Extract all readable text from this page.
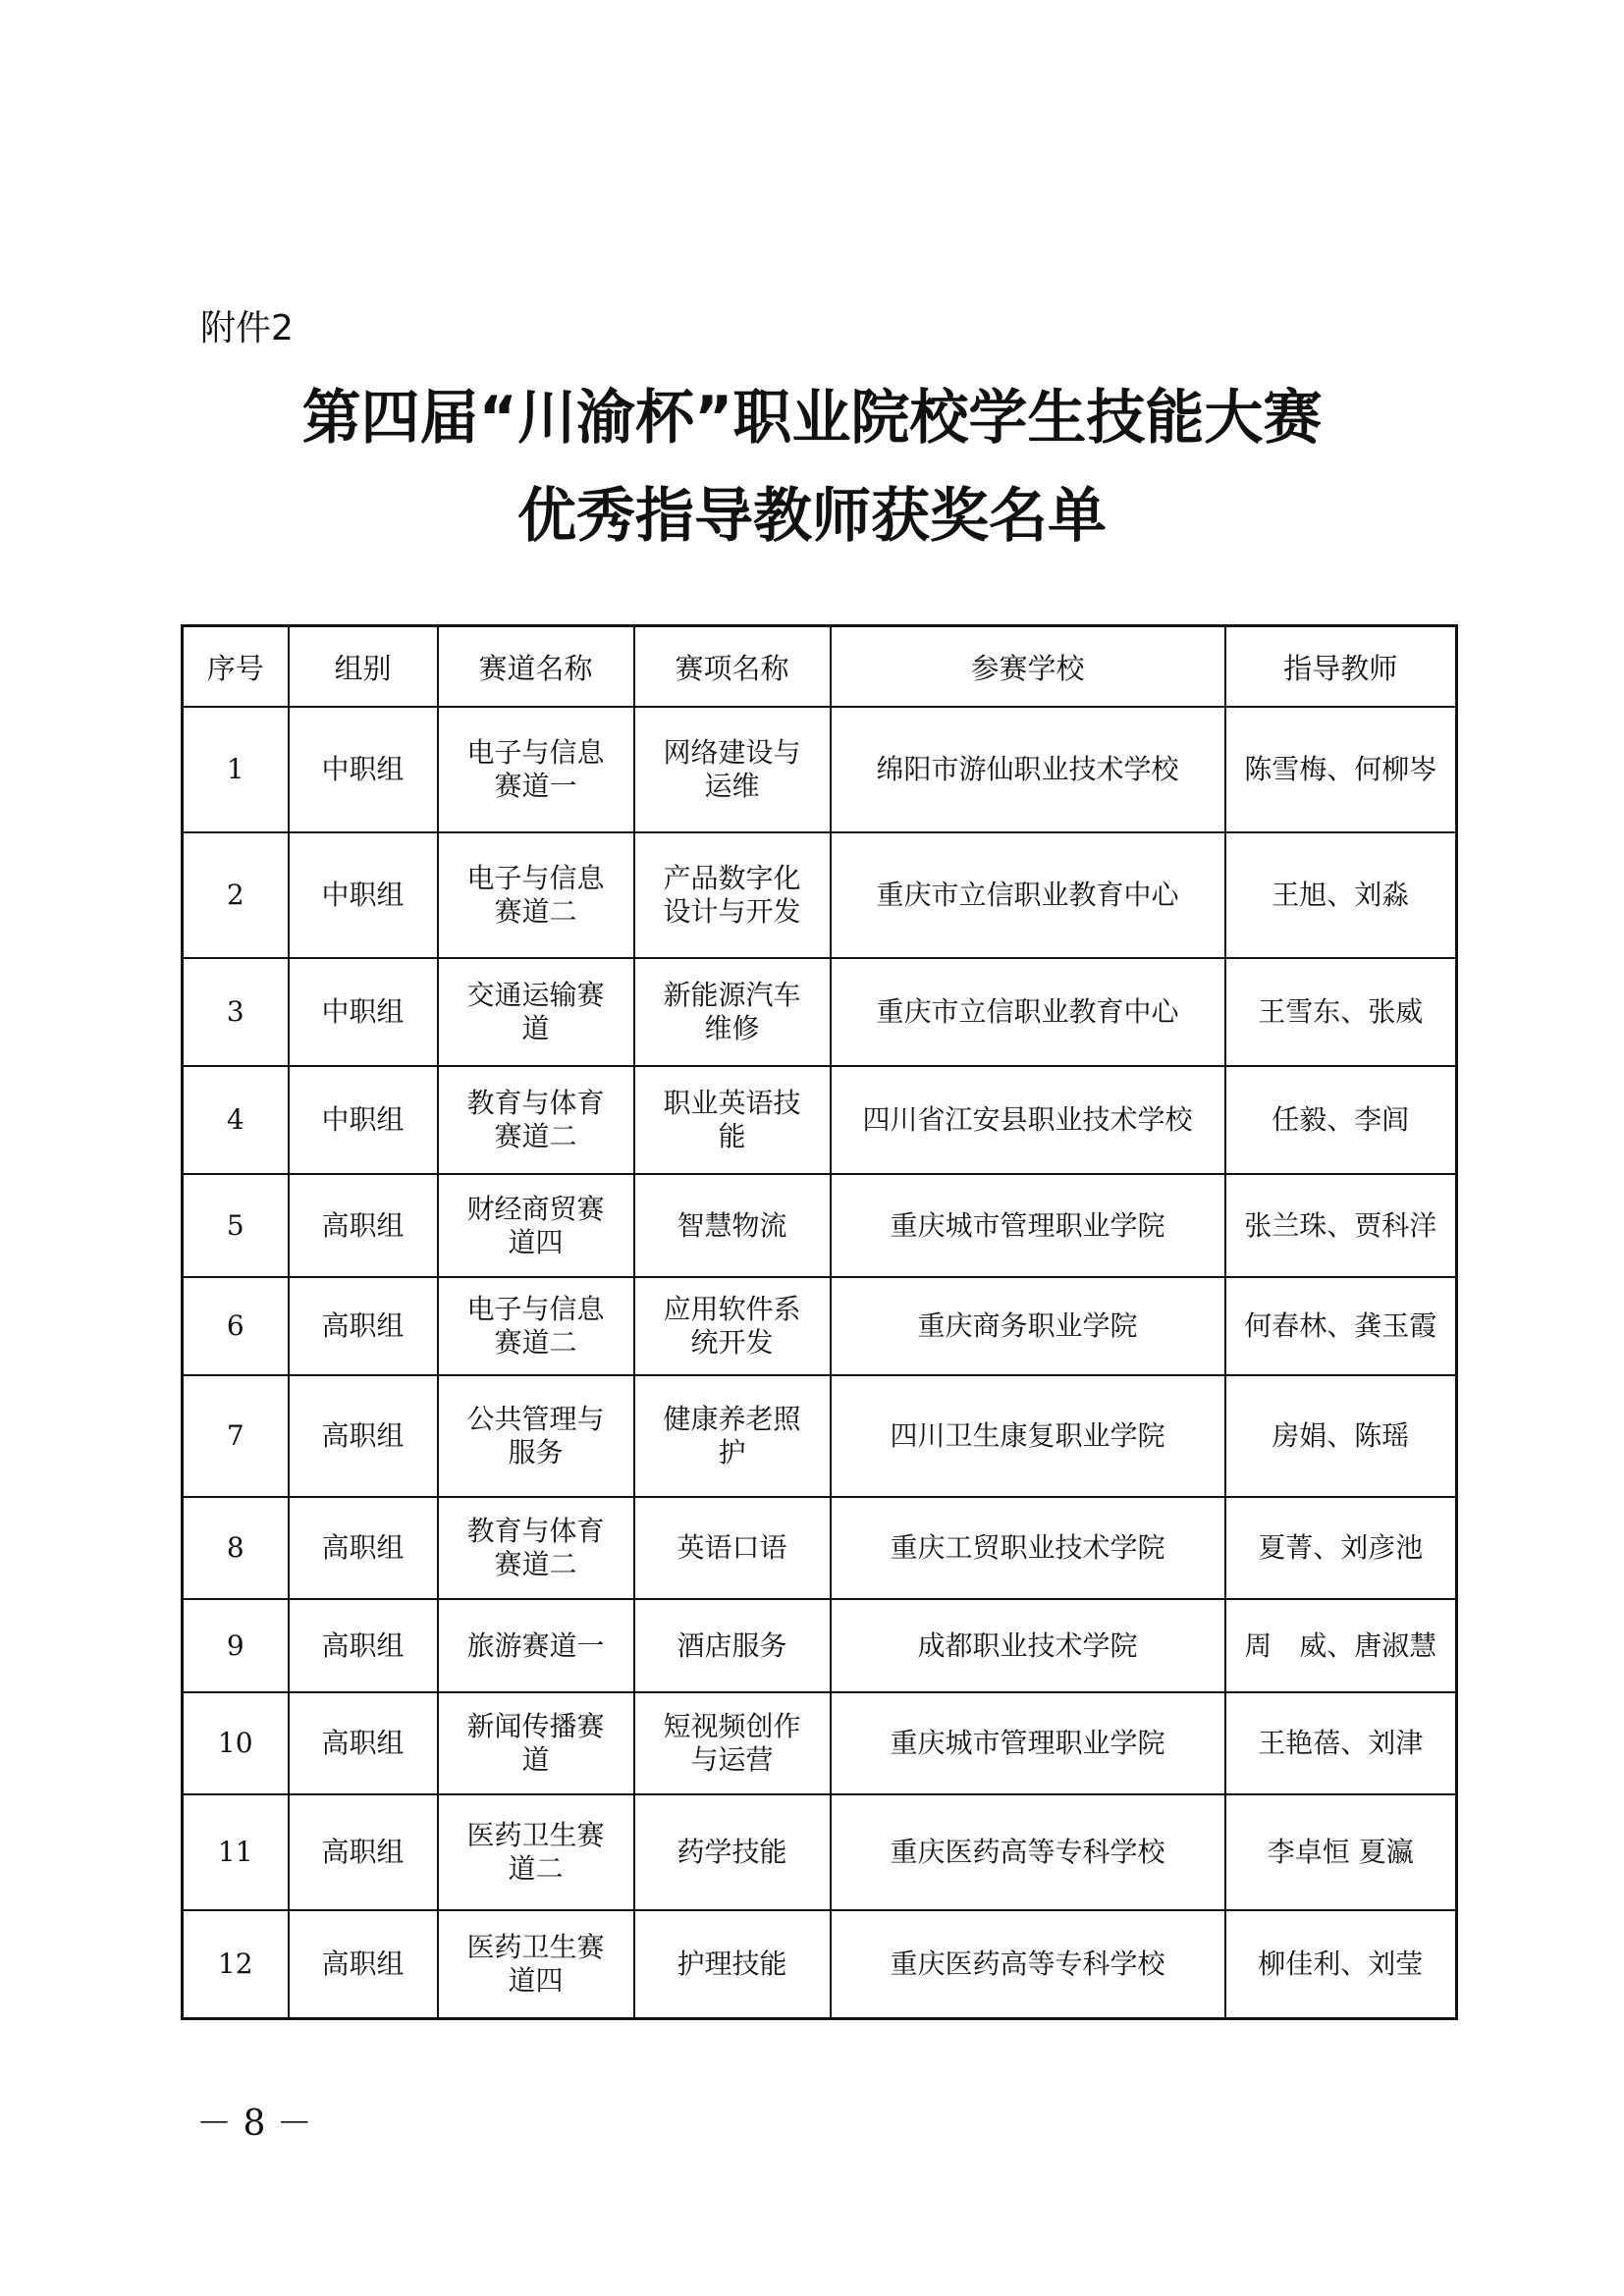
附件2
第四届“川渝杯”职业院校学生技能大赛
优秀指导教师获奖名单
序号	组别	赛道名称	赛项名称	参赛学校	指导教师
1	中职组	电子与信息赛道一	网络建设与运维	绵阳市游仙职业技术学校	陈雪梅、何柳岑
2	中职组	电子与信息赛道二	产品数字化设计与开发	重庆市立信职业教育中心	王旭、刘淼
3	中职组	交通运输赛道	新能源汽车维修	重庆市立信职业教育中心	王雪东、张威
4	中职组	教育与体育赛道二	职业英语技能	四川省江安县职业技术学校	任毅、李闾
5	高职组	财经商贸赛道四	智慧物流	重庆城市管理职业学院	张兰珠、贾科洋
6	高职组	电子与信息赛道二	应用软件系统开发	重庆商务职业学院	何春林、龚玉霞
7	高职组	公共管理与服务	健康养老照护	四川卫生康复职业学院	房娟、陈瑶
8	高职组	教育与体育赛道二	英语口语	重庆工贸职业技术学院	夏菁、刘彦池
9	高职组	旅游赛道一	酒店服务	成都职业技术学院	周　威、唐淑慧
10	高职组	新闻传播赛道	短视频创作与运营	重庆城市管理职业学院	王艳蓓、刘津
11	高职组	医药卫生赛道二	药学技能	重庆医药高等专科学校	李卓恒 夏瀛
12	高职组	医药卫生赛道四	护理技能	重庆医药高等专科学校	柳佳利、刘莹
－ 8 －
